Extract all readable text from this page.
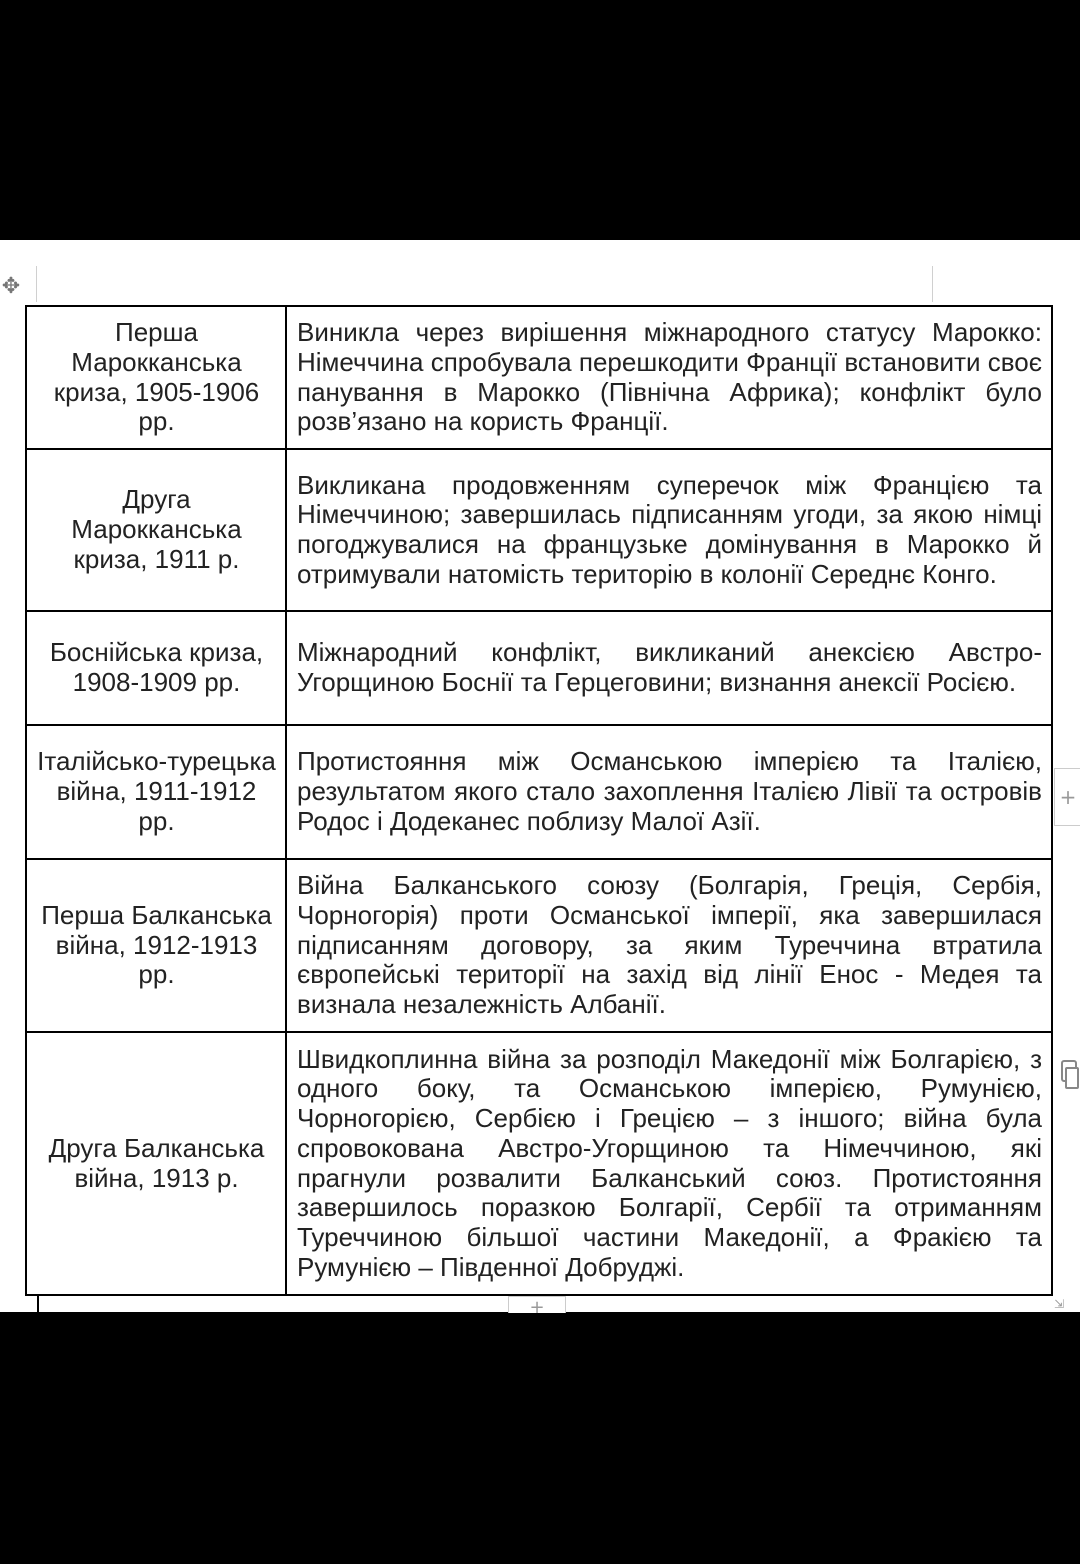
✥
Перша Марокканська криза, 1905-1906 рр.	Виникла через вирішення міжнародного статусу Марокко: Німеччина спробувала перешкодити Франції встановити своє панування в Марокко (Північна Африка); конфлікт було розв’язано на користь Франції.
Друга Марокканська криза, 1911 р.	Викликана продовженням суперечок між Францією та Німеччиною; завершилась підписанням угоди, за якою німці погоджувалися на французьке домінування в Марокко й отримували натомість територію в колонії Середнє Конго.
Боснійська криза, 1908-1909 рр.	Міжнародний конфлікт, викликаний анексією Австро-Угорщиною Боснії та Герцеговини; визнання анексії Росією.
Італійсько-турецька війна, 1911-1912 рр.	Протистояння між Османською імперією та Італією, результатом якого стало захоплення Італією Лівії та островів Родос і Додеканес поблизу Малої Азії.
Перша Балканська війна, 1912-1913 рр.	Війна Балканського союзу (Болгарія, Греція, Сербія, Чорногорія) проти Османської імперії, яка завершилася підписанням договору, за яким Туреччина втратила європейські території на захід від лінії Енос - Медея та визнала незалежність Албанії.
Друга Балканська війна, 1913 р.	Швидкоплинна війна за розподіл Македонії між Болгарією, з одного боку, та Османською імперією, Румунією, Чорногорією, Сербією і Грецією – з іншого; війна була спровокована Австро-Угорщиною та Німеччиною, які прагнули розвалити Балканський союз. Протистояння завершилось поразкою Болгарії, Сербії та отриманням Туреччиною більшої частини Македонії, а Фракією та Румунією – Південної Добруджі.
+
+	⇲
